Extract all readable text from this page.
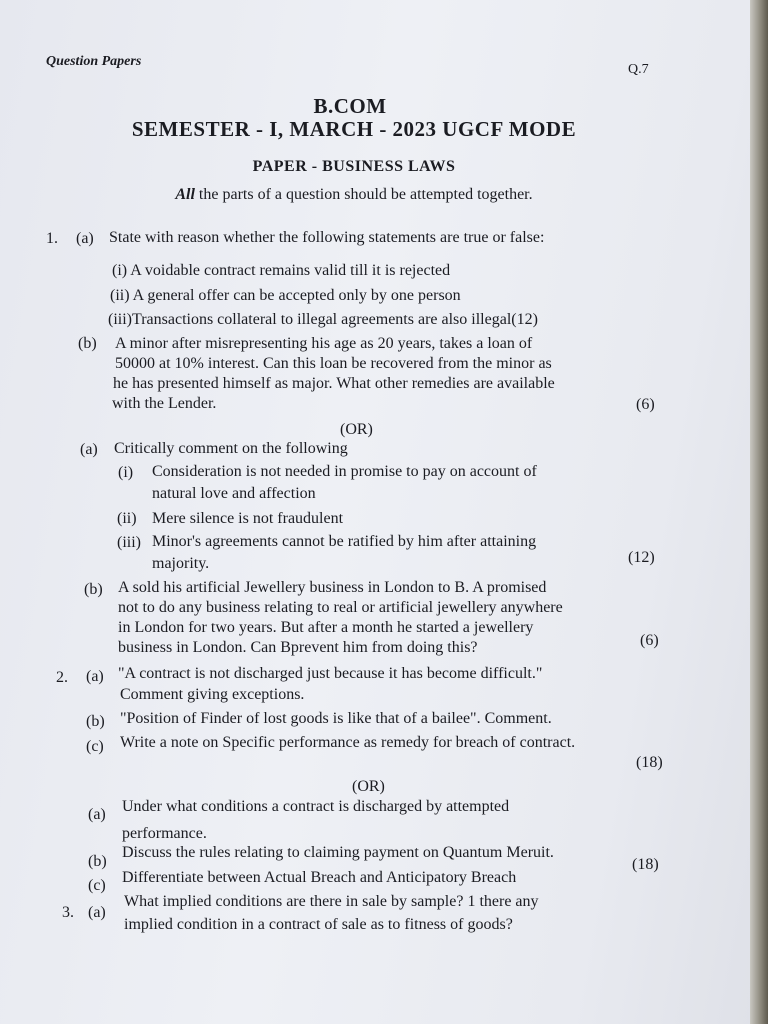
Question Papers
Q.7
B.COM
SEMESTER - I, MARCH - 2023 UGCF MODE
PAPER - BUSINESS LAWS
All the parts of a question should be attempted together.
1. (a) State with reason whether the following statements are true or false:
(i) A voidable contract remains valid till it is rejected
(ii) A general offer can be accepted only by one person
(iii)Transactions collateral to illegal agreements are also illegal(12)
(b) A minor after misrepresenting his age as 20 years, takes a loan of
50000 at 10% interest. Can this loan be recovered from the minor as
he has presented himself as major. What other remedies are available
with the Lender.	(6)
(OR)
(a) Critically comment on the following
(i) Consideration is not needed in promise to pay on account of
natural love and affection
(ii) Mere silence is not fraudulent
(iii) Minor's agreements cannot be ratified by him after attaining
majority.	(12)
(b) A sold his artificial Jewellery business in London to B. A promised
not to do any business relating to real or artificial jewellery anywhere
in London for two years. But after a month he started a jewellery
business in London. Can Bprevent him from doing this?	(6)
2. (a) "A contract is not discharged just because it has become difficult."
Comment giving exceptions.
(b) "Position of Finder of lost goods is like that of a bailee". Comment.
(c) Write a note on Specific performance as remedy for breach of contract.
(18)
(OR)
(a) Under what conditions a contract is discharged by attempted
performance.
(b)
Discuss the rules relating to claiming payment on Quantum Meruit.
(c) Differentiate between Actual Breach and Anticipatory Breach
(18)
3. (a)
What implied conditions are there in sale by sample? 1 there any
implied condition in a contract of sale as to fitness of goods?
